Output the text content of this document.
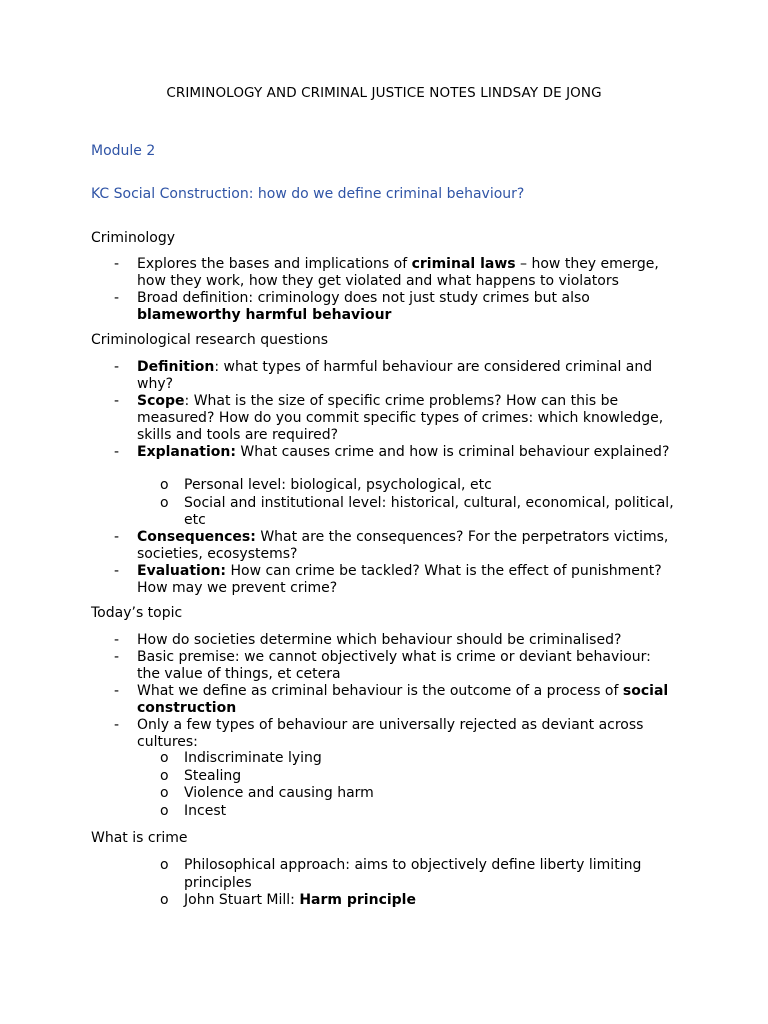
CRIMINOLOGY AND CRIMINAL JUSTICE NOTES LINDSAY DE JONG
Module 2
KC Social Construction: how do we define criminal behaviour?
Criminology
- Explores the bases and implications of criminal laws – how they emerge, how they work, how they get violated and what happens to violators
- Broad definition: criminology does not just study crimes but also blameworthy harmful behaviour
Criminological research questions
- Definition: what types of harmful behaviour are considered criminal and why?
- Scope: What is the size of specific crime problems? How can this be measured? How do you commit specific types of crimes: which knowledge, skills and tools are required?
- Explanation: What causes crime and how is criminal behaviour explained?
o Personal level: biological, psychological, etc
o Social and institutional level: historical, cultural, economical, political, etc
- Consequences: What are the consequences? For the perpetrators victims, societies, ecosystems?
- Evaluation: How can crime be tackled? What is the effect of punishment? How may we prevent crime?
Today’s topic
- How do societies determine which behaviour should be criminalised?
- Basic premise: we cannot objectively what is crime or deviant behaviour: the value of things, et cetera
- What we define as criminal behaviour is the outcome of a process of social construction
- Only a few types of behaviour are universally rejected as deviant across cultures:
o Indiscriminate lying
o Stealing
o Violence and causing harm
o Incest
What is crime
o Philosophical approach: aims to objectively define liberty limiting principles
o John Stuart Mill: Harm principle
